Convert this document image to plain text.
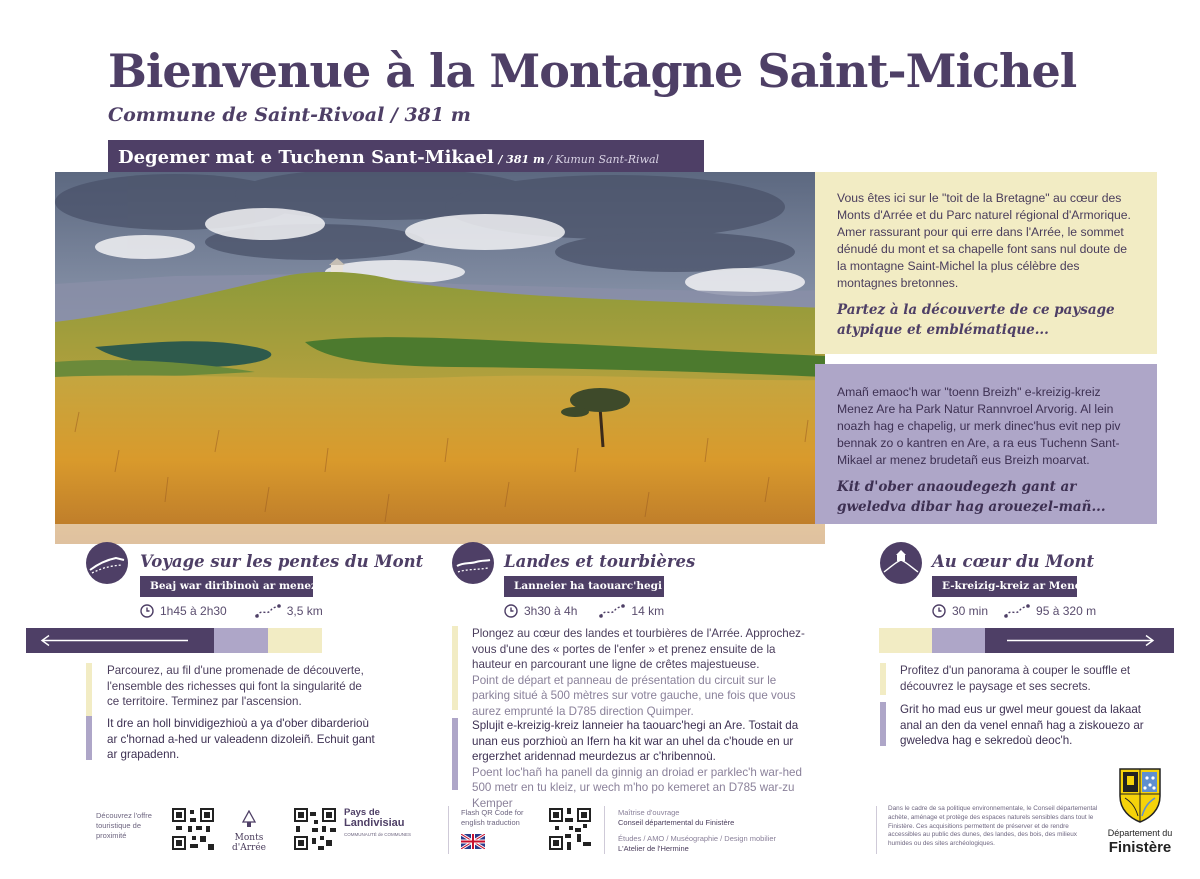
Bienvenue à la Montagne Saint-Michel
Commune de Saint-Rivoal / 381 m
Degemer mat e Tuchenn Sant-Mikael / 381 m / Kumun Sant-Riwal
Vous êtes ici sur le "toit de la Bretagne" au cœur des Monts d'Arrée et du Parc naturel régional d'Armorique. Amer rassurant pour qui erre dans l'Arrée, le sommet dénudé du mont et sa chapelle font sans nul doute de la montagne Saint-Michel la plus célèbre des montagnes bretonnes.
Partez à la découverte de ce paysage atypique et emblématique...
Amañ emaoc'h war "toenn Breizh" e-kreizig-kreiz Menez Are ha Park Natur Rannvroel Arvorig. Al lein noazh hag e chapelig, ur merk dinec'hus evit nep piv bennak zo o kantren en Are, a ra eus Tuchenn Sant-Mikael ar menez brudetañ eus Breizh moarvat.
Kit d'ober anaoudegezh gant ar gweledva dibar hag arouezel-mañ...
Voyage sur les pentes du Mont
Beaj war diribinoù ar menez
1h45 à 2h30	3,5 km
Parcourez, au fil d'une promenade de découverte, l'ensemble des richesses qui font la singularité de ce territoire. Terminez par l'ascension.
It dre an holl binvidigezhioù a ya d'ober dibarderioù ar c'hornad a-hed ur valeadenn dizoleiñ. Echuit gant ar grapadenn.
Landes et tourbières
Lanneier ha taouarc'hegi
3h30 à 4h	14 km
Plongez au cœur des landes et tourbières de l'Arrée. Approchez-vous d'une des « portes de l'enfer » et prenez ensuite de la hauteur en parcourant une ligne de crêtes majestueuse.
Point de départ et panneau de présentation du circuit sur le parking situé à 500 mètres sur votre gauche, une fois que vous aurez emprunté la D785 direction Quimper.
Splujit e-kreizig-kreiz lanneier ha taouarc'hegi an Are. Tostait da unan eus porzhioù an Ifern ha kit war an uhel da c'houde en ur ergerzhet aridennad meurdezus ar c'hribennoù.
Poent loc'hañ ha panell da ginnig an droiad er parklec'h war-hed 500 metr en tu kleiz, ur wech m'ho po kemeret an D785 war-zu Kemper
Au cœur du Mont
E-kreizig-kreiz ar Menez
30 min	95 à 320 m
Profitez d'un panorama à couper le souffle et découvrez le paysage et ses secrets.
Grit ho mad eus ur gwel meur gouest da lakaat anal an den da venel ennañ hag a ziskouezo ar gweledva hag e sekredoù deoc'h.
Découvrez l'offre touristique de proximité	Monts d'Arrée
Pays de
Landivisiau
COMMUNAUTÉ de COMMUNES
Flash QR Code for english traduction
Maîtrise d'ouvrage
Conseil départemental du Finistère
Études / AMO / Muséographie / Design mobilier
L'Atelier de l'Hermine
Dans le cadre de sa politique environnementale, le Conseil départemental achète, aménage et protège des espaces naturels sensibles dans tout le Finistère. Ces acquisitions permettent de préserver et de rendre accessibles au public des dunes, des landes, des bois, des milieux humides ou des sites archéologiques.
Département du
Finistère
